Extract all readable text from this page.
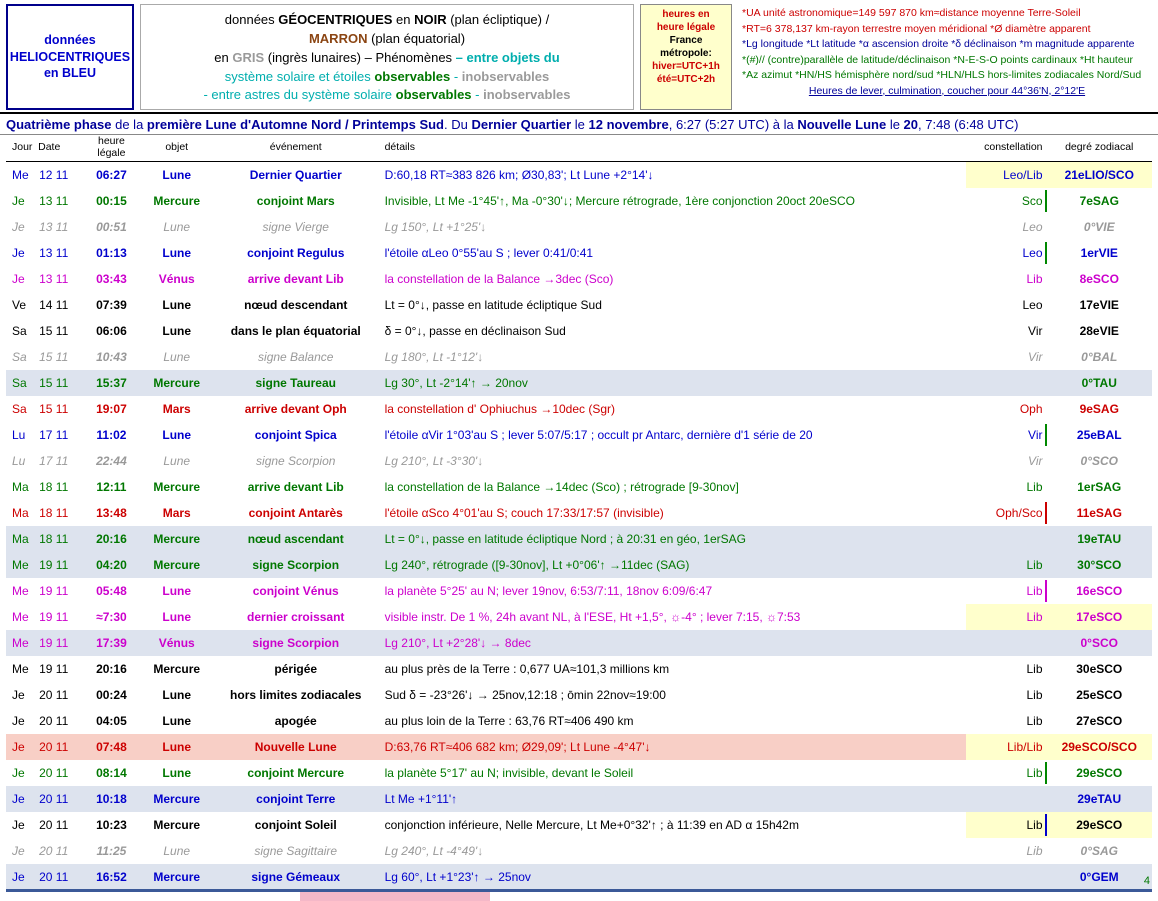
données
HELIOCENTRIQUES
en BLEU
données GÉOCENTRIQUES en NOIR (plan écliptique) /
MARRON (plan équatorial)
en GRIS (ingrès lunaires) – Phénomènes – entre objets du
système solaire et étoiles observables - inobservables
- entre astres du système solaire observables - inobservables
heures en
heure légale
France
métropole:
hiver=UTC+1h
été=UTC+2h
*UA unité astronomique=149 597 870 km≈distance moyenne Terre-Soleil
*RT=6 378,137 km-rayon terrestre moyen méridional *Ø diamètre apparent
*Lg longitude *Lt latitude *α ascension droite *δ déclinaison *m magnitude apparente
*(#)// (contre)parallèle de latitude/déclinaison *N-E-S-O points cardinaux *Ht hauteur *Az azimut *HN/HS hémisphère nord/sud *HLN/HLS hors-limites zodiacales Nord/Sud
Heures de lever, culmination, coucher pour 44°36'N, 2°12'E
Quatrième phase de la première Lune d'Automne Nord / Printemps Sud. Du Dernier Quartier le 12 novembre, 6:27 (5:27 UTC) à la Nouvelle Lune le 20, 7:48 (6:48 UTC)
Jour	Date	heure légale	objet	événement	détails	constellation	degré zodiacal
Me	12 11	06:27	Lune	Dernier Quartier	D:60,18 RT≈383 826 km; Ø30,83'; Lt Lune +2°14'↓	Leo/Lib	21eLIO/SCO
Je	13 11	00:15	Mercure	conjoint Mars	Invisible, Lt Me -1°45'↑, Ma -0°30'↓; Mercure rétrograde, 1ère conjonction 20oct 20eSCO	Sco	7eSAG
Je	13 11	00:51	Lune	signe Vierge	Lg 150°, Lt +1°25'↓	Leo	0°VIE
Je	13 11	01:13	Lune	conjoint Regulus	l'étoile αLeo 0°55'au S ; lever 0:41/0:41	Leo	1erVIE
Je	13 11	03:43	Vénus	arrive devant Lib	la constellation de la Balance →3dec (Sco)	Lib	8eSCO
Ve	14 11	07:39	Lune	nœud descendant	Lt = 0°↓, passe en latitude écliptique Sud	Leo	17eVIE
Sa	15 11	06:06	Lune	dans le plan équatorial	δ = 0°↓, passe en déclinaison Sud	Vir	28eVIE
Sa	15 11	10:43	Lune	signe Balance	Lg 180°, Lt -1°12'↓	Vir	0°BAL
Sa	15 11	15:37	Mercure	signe Taureau	Lg 30°, Lt -2°14'↑ → 20nov		0°TAU
Sa	15 11	19:07	Mars	arrive devant Oph	la constellation d' Ophiuchus →10dec (Sgr)	Oph	9eSAG
Lu	17 11	11:02	Lune	conjoint Spica	l'étoile αVir 1°03'au S ; lever 5:07/5:17 ; occult pr Antarc, dernière d'1 série de 20	Vir	25eBAL
Lu	17 11	22:44	Lune	signe Scorpion	Lg 210°, Lt -3°30'↓	Vir	0°SCO
Ma	18 11	12:11	Mercure	arrive devant Lib	la constellation de la Balance →14dec (Sco) ; rétrograde [9-30nov]	Lib	1erSAG
Ma	18 11	13:48	Mars	conjoint Antarès	l'étoile αSco 4°01'au S; couch 17:33/17:57 (invisible)	Oph/Sco	11eSAG
Ma	18 11	20:16	Mercure	nœud ascendant	Lt = 0°↓, passe en latitude écliptique Nord ; à 20:31 en géo, 1erSAG		19eTAU
Me	19 11	04:20	Mercure	signe Scorpion	Lg 240°, rétrograde ([9-30nov], Lt +0°06'↑ →11dec (SAG)	Lib	30°SCO
Me	19 11	05:48	Lune	conjoint Vénus	la planète 5°25' au N; lever 19nov, 6:53/7:11, 18nov 6:09/6:47	Lib	16eSCO
Me	19 11	≈7:30	Lune	dernier croissant	visible instr. De 1 %, 24h avant NL, à l'ESE, Ht +1,5°, ☼-4° ; lever 7:15, ☼7:53	Lib	17eSCO
Me	19 11	17:39	Vénus	signe Scorpion	Lg 210°, Lt +2°28'↓ → 8dec		0°SCO
Me	19 11	20:16	Mercure	périgée	au plus près de la Terre : 0,677 UA≈101,3 millions km	Lib	30eSCO
Je	20 11	00:24	Lune	hors limites zodiacales	Sud δ = -23°26'↓ → 25nov,12:18 ; ōmin 22nov≈19:00	Lib	25eSCO
Je	20 11	04:05	Lune	apogée	au plus loin de la Terre : 63,76 RT≈406 490 km	Lib	27eSCO
Je	20 11	07:48	Lune	Nouvelle Lune	D:63,76 RT≈406 682 km; Ø29,09'; Lt Lune -4°47'↓	Lib/Lib	29eSCO/SCO
Je	20 11	08:14	Lune	conjoint Mercure	la planète 5°17' au N; invisible, devant le Soleil	Lib	29eSCO
Je	20 11	10:18	Mercure	conjoint Terre	Lt Me +1°11'↑		29eTAU
Je	20 11	10:23	Mercure	conjoint Soleil	conjonction inférieure, Nelle Mercure, Lt Me+0°32'↑ ; à 11:39 en AD α 15h42m	Lib	29eSCO
Je	20 11	11:25	Lune	signe Sagittaire	Lg 240°, Lt -4°49'↓	Lib	0°SAG
Je	20 11	16:52	Mercure	signe Gémeaux	Lg 60°, Lt +1°23'↑ → 25nov		0°GEM 4
